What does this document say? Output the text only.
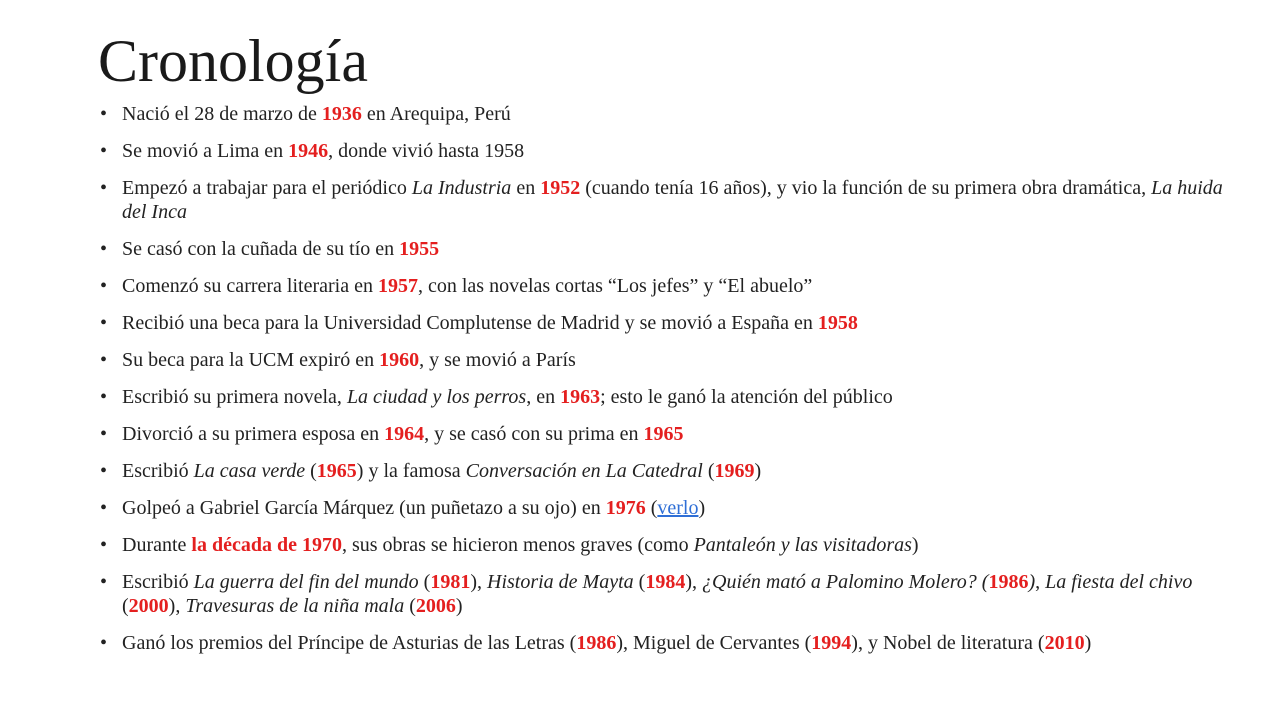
Cronología
• Nació el 28 de marzo de 1936 en Arequipa, Perú
• Se movió a Lima en 1946, donde vivió hasta 1958
• Empezó a trabajar para el periódico La Industria en 1952 (cuando tenía 16 años), y vio la función de su primera obra dramática, La huida del Inca
• Se casó con la cuñada de su tío en 1955
• Comenzó su carrera literaria en 1957, con las novelas cortas “Los jefes” y “El abuelo”
• Recibió una beca para la Universidad Complutense de Madrid y se movió a España en 1958
• Su beca para la UCM expiró en 1960, y se movió a París
• Escribió su primera novela, La ciudad y los perros, en 1963; esto le ganó la atención del público
• Divorció a su primera esposa en 1964, y se casó con su prima en 1965
• Escribió La casa verde (1965) y la famosa Conversación en La Catedral (1969)
• Golpeó a Gabriel García Márquez (un puñetazo a su ojo) en 1976 (verlo)
• Durante la década de 1970, sus obras se hicieron menos graves (como Pantaleón y las visitadoras)
• Escribió La guerra del fin del mundo (1981), Historia de Mayta (1984), ¿Quién mató a Palomino Molero? (1986), La fiesta del chivo (2000), Travesuras de la niña mala (2006)
• Ganó los premios del Príncipe de Asturias de las Letras (1986), Miguel de Cervantes (1994), y Nobel de literatura (2010)
